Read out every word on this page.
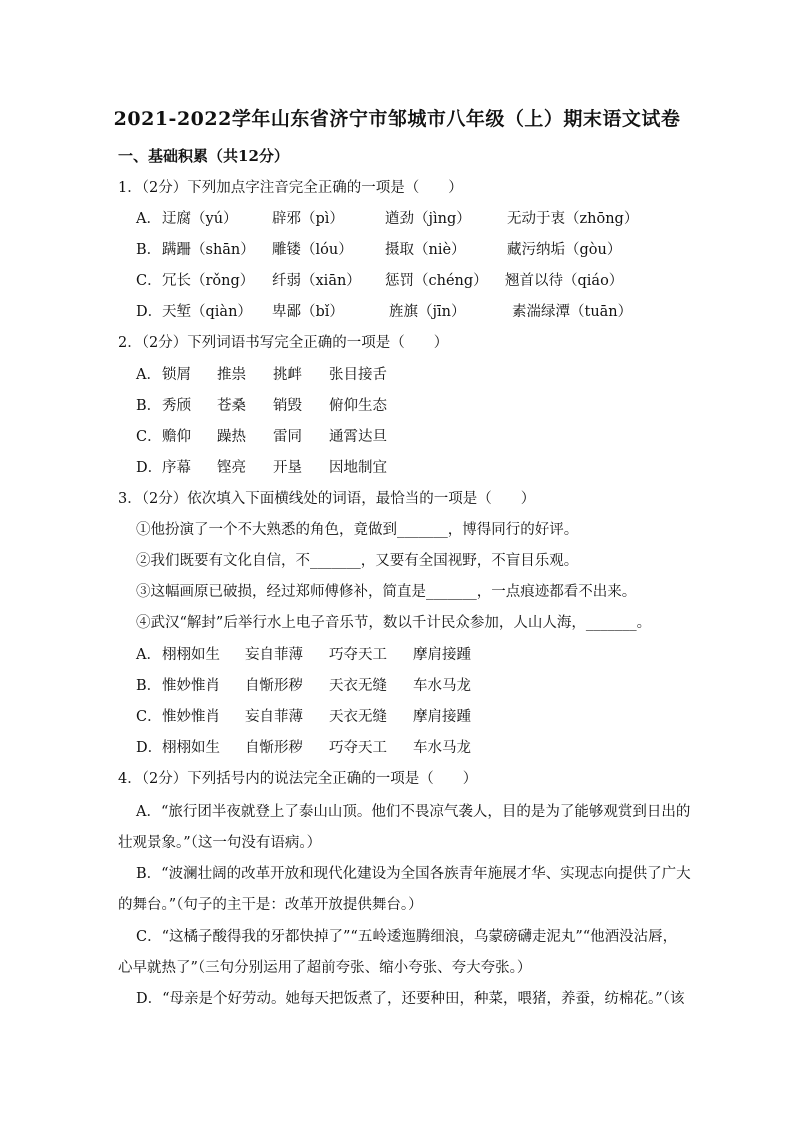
2021-2022学年山东省济宁市邹城市八年级（上）期末语文试卷
一、基础积累（共12分）
1．（2分）下列加点字注音完全正确的一项是（　　）
A． 迂腐（yú） 辟邪（pì）	遒劲（jìng） 无动于衷（zhōng）
B． 蹒跚（shān） 雕镂（lóu） 摄取（niè）	藏污纳垢（gòu）
C． 冗长（rǒng） 纤弱（xiān） 惩罚（chéng） 翘首以待（qiáo）
D． 天堑（qiàn） 卑鄙（bǐ）	旌旗（jīn）	素湍绿潭（tuān）
2．（2分）下列词语书写完全正确的一项是（　　）
A． 锁屑 推祟 挑衅 张目接舌
B． 秀颀 苍桑 销毁 俯仰生态
C． 赡仰 躁热 雷同 通霄达旦
D． 序幕 铿亮 开垦 因地制宜
3．（2分）依次填入下面横线处的词语，最恰当的一项是（　　）
①他扮演了一个不大熟悉的角色，竟做到_______，博得同行的好评。
②我们既要有文化自信，不_______，又要有全国视野，不盲目乐观。
③这幅画原已破损，经过郑师傅修补，简直是_______，一点痕迹都看不出来。
④武汉“解封”后举行水上电子音乐节，数以千计民众参加，人山人海，_______。
A． 栩栩如生 妄自菲薄 巧夺天工 摩肩接踵
B． 惟妙惟肖 自惭形秽 天衣无缝 车水马龙
C． 惟妙惟肖 妄自菲薄 天衣无缝 摩肩接踵
D． 栩栩如生 自惭形秽 巧夺天工 车水马龙
4．（2分）下列括号内的说法完全正确的一项是（　　）
A．“旅行团半夜就登上了泰山山顶。他们不畏凉气袭人，目的是为了能够观赏到日出的
壮观景象。”（这一句没有语病。）
B．“波澜壮阔的改革开放和现代化建设为全国各族青年施展才华、实现志向提供了广大
的舞台。”（句子的主干是：改革开放提供舞台。）
C．“这橘子酸得我的牙都快掉了”“五岭逶迤腾细浪，乌蒙磅礴走泥丸”“他酒没沾唇，
心早就热了”（三句分别运用了超前夸张、缩小夸张、夸大夸张。）
D．“母亲是个好劳动。她每天把饭煮了，还要种田，种菜，喂猪，养蚕，纺棉花。”（该
